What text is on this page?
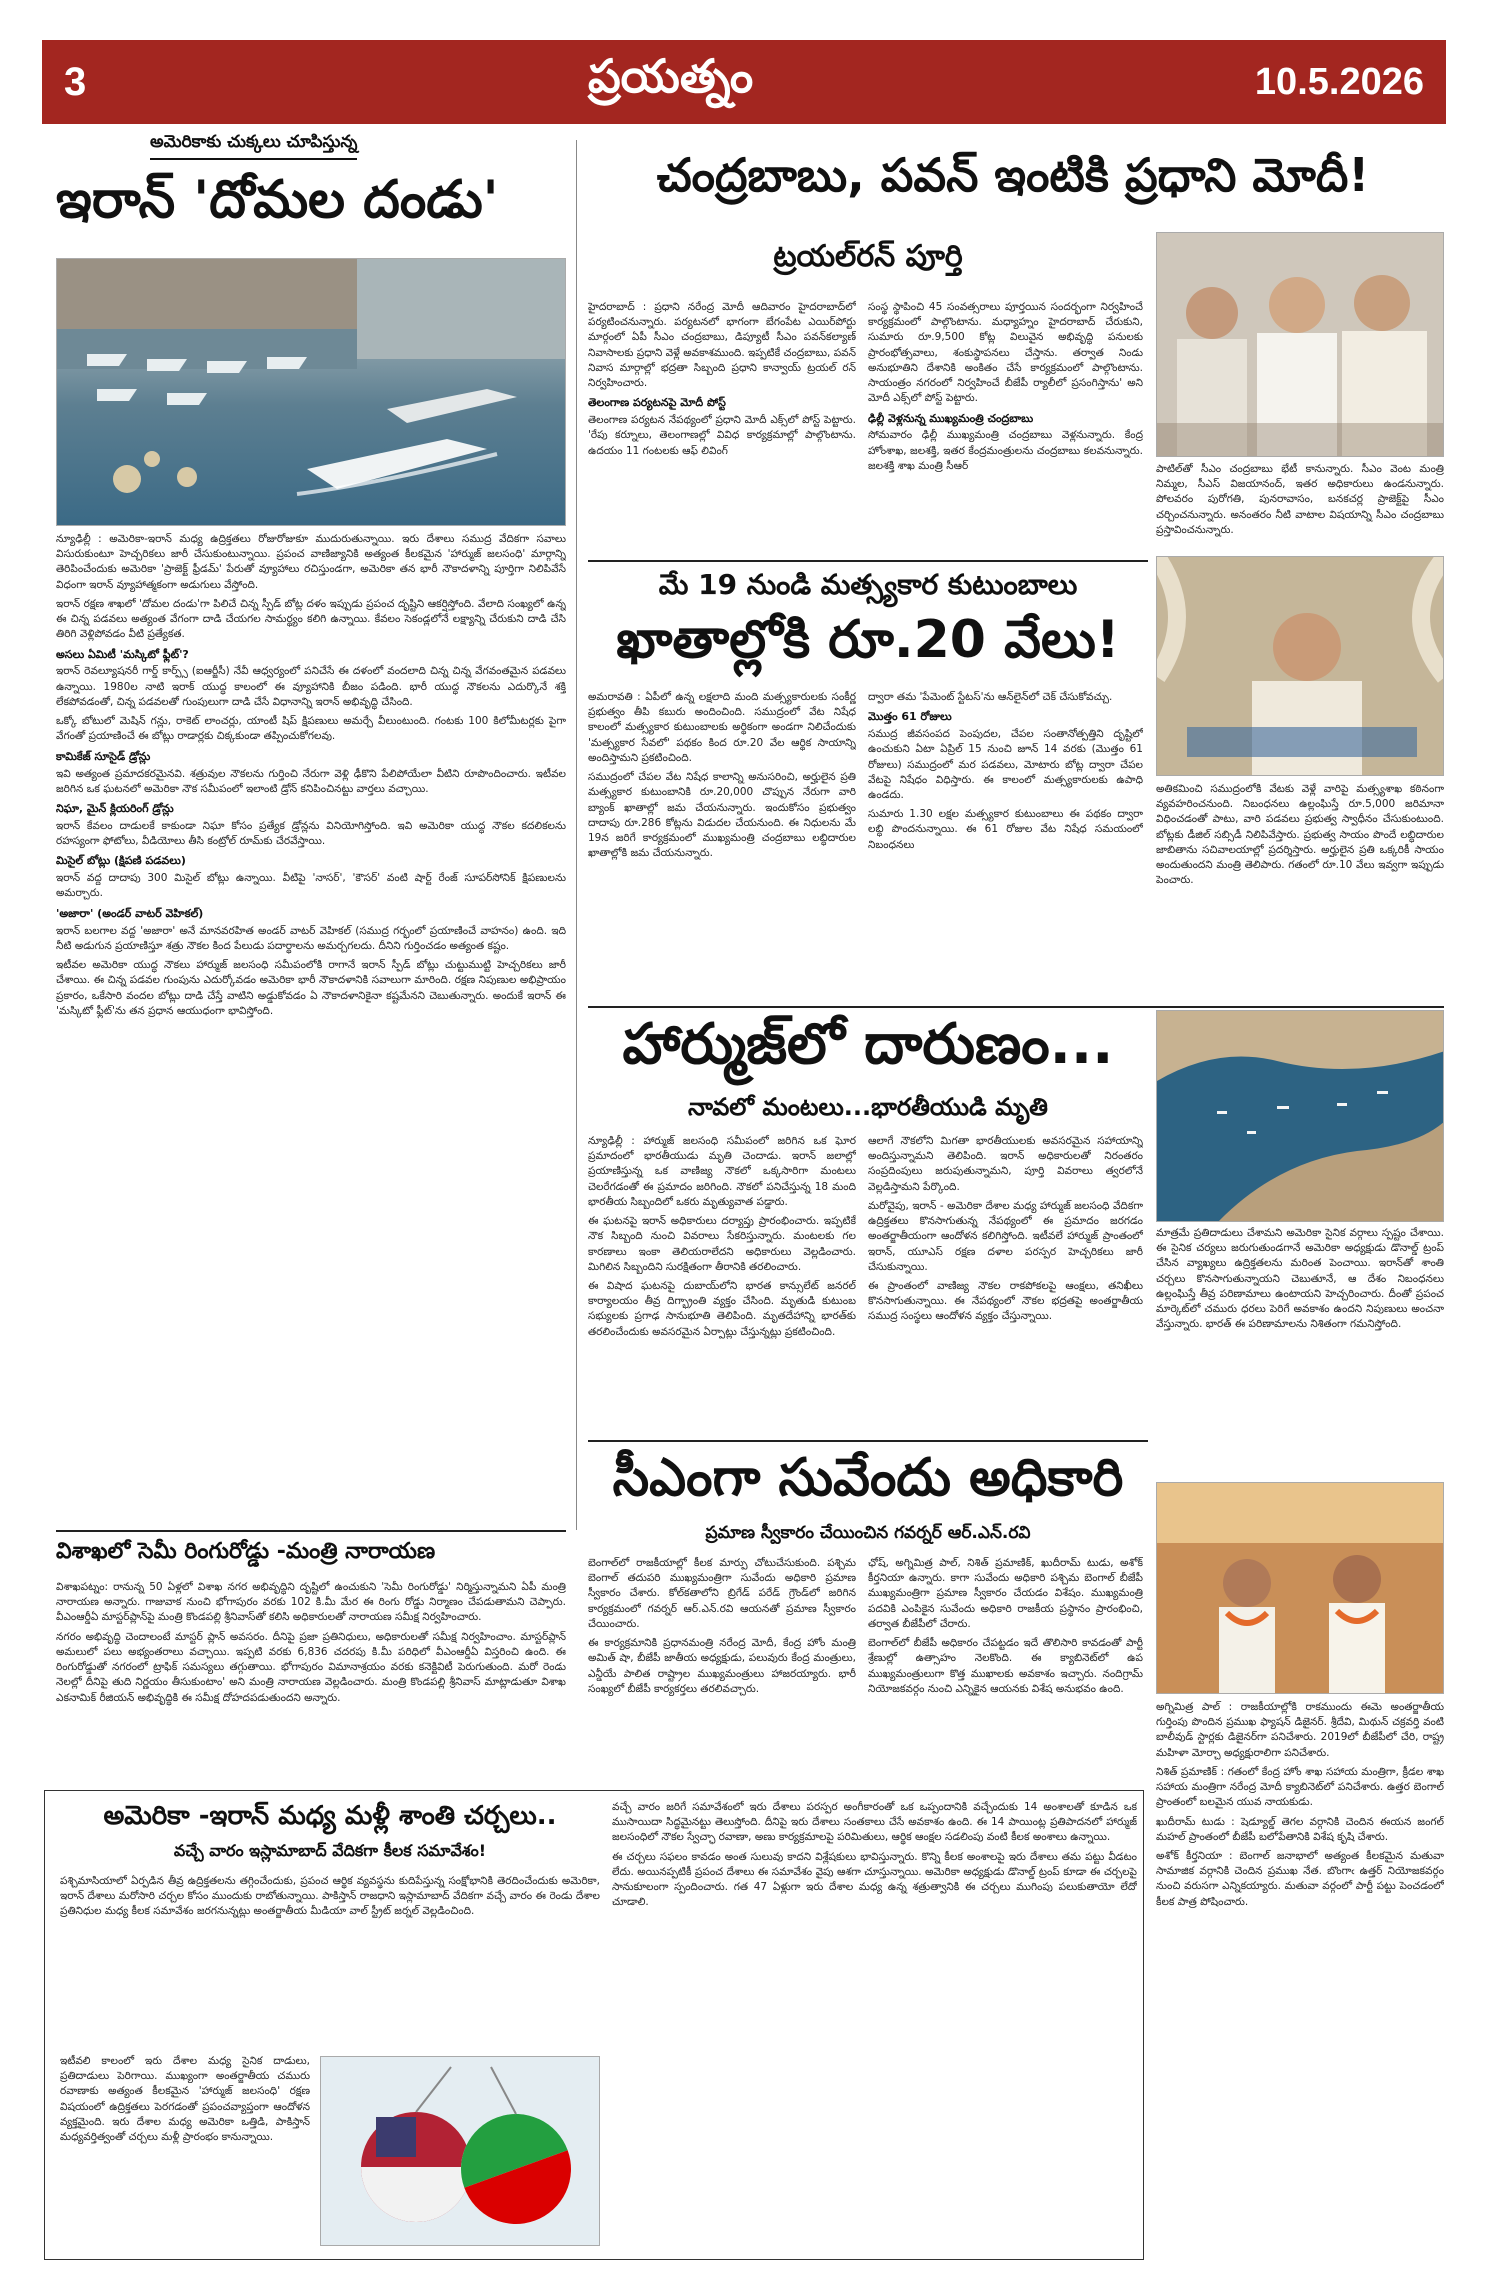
3	ప్రయత్నం	10.5.2026
అమెరికాకు చుక్కలు చూపిస్తున్న
ఇరాన్ 'దోమల దండు'

న్యూఢిల్లీ : అమెరికా-ఇరాన్ మధ్య ఉద్రిక్తతలు రోజురోజుకూ ముదురుతున్నాయి. ఇరు దేశాలు సముద్ర వేదికగా సవాలు విసురుకుంటూ హెచ్చరికలు జారీ చేసుకుంటున్నాయి. ప్రపంచ వాణిజ్యానికి అత్యంత కీలకమైన 'హార్ముజ్ జలసంధి' మార్గాన్ని తెరిపించేందుకు అమెరికా 'ప్రాజెక్ట్ ఫ్రీడమ్' పేరుతో వ్యూహాలు రచిస్తుండగా, అమెరికా తన భారీ నౌకాదళాన్ని పూర్తిగా నిలిపివేసే విధంగా ఇరాన్ వ్యూహాత్మకంగా అడుగులు వేస్తోంది.

ఇరాన్ రక్షణ శాఖలో 'దోమల దండు'గా పిలిచే చిన్న స్పీడ్ బోట్ల దళం ఇప్పుడు ప్రపంచ దృష్టిని ఆకర్షిస్తోంది. వేలాది సంఖ్యలో ఉన్న ఈ చిన్న పడవలు అత్యంత వేగంగా దాడి చేయగల సామర్థ్యం కలిగి ఉన్నాయి. కేవలం సెకండ్లలోనే లక్ష్యాన్ని చేరుకుని దాడి చేసి తిరిగి వెళ్లిపోవడం వీటి ప్రత్యేకత.

అసలు ఏమిటీ 'మస్కిటో ఫ్లీట్'?

ఇరాన్ రెవల్యూషనరీ గార్డ్ కార్ప్స్ (ఐఆర్జీసీ) నేవీ ఆధ్వర్యంలో పనిచేసే ఈ దళంలో వందలాది చిన్న చిన్న వేగవంతమైన పడవలు ఉన్నాయి. 1980ల నాటి ఇరాక్ యుద్ధ కాలంలో ఈ వ్యూహానికి బీజం పడింది. భారీ యుద్ధ నౌకలను ఎదుర్కొనే శక్తి లేకపోవడంతో, చిన్న పడవలతో గుంపులుగా దాడి చేసే విధానాన్ని ఇరాన్ అభివృద్ధి చేసింది.

ఒక్కో బోటులో మెషిన్ గన్లు, రాకెట్ లాంచర్లు, యాంటీ షిప్ క్షిపణులు అమర్చే వీలుంటుంది. గంటకు 100 కిలోమీటర్లకు పైగా వేగంతో ప్రయాణించే ఈ బోట్లు రాడార్లకు చిక్కకుండా తప్పించుకోగలవు.

కామికేజ్ సూసైడ్ డ్రోన్లు

ఇవి అత్యంత ప్రమాదకరమైనవి. శత్రువుల నౌకలను గుర్తించి నేరుగా వెళ్లి ఢీకొని పేలిపోయేలా వీటిని రూపొందించారు. ఇటీవల జరిగిన ఒక ఘటనలో అమెరికా నౌక సమీపంలో ఇలాంటి డ్రోన్ కనిపించినట్టు వార్తలు వచ్చాయి.

నిఘా, మైన్ క్లియరింగ్ డ్రోన్లు

ఇరాన్ కేవలం దాడులకే కాకుండా నిఘా కోసం ప్రత్యేక డ్రోన్లను వినియోగిస్తోంది. ఇవి అమెరికా యుద్ధ నౌకల కదలికలను రహస్యంగా ఫోటోలు, వీడియోలు తీసి కంట్రోల్ రూమ్‌కు చేరవేస్తాయి.

మిసైల్ బోట్లు (క్షిపణి పడవలు)

ఇరాన్ వద్ద దాదాపు 300 మిసైల్ బోట్లు ఉన్నాయి. వీటిపై 'నాసర్', 'కౌసర్' వంటి షార్ట్ రేంజ్ సూపర్‌సోనిక్ క్షిపణులను అమర్చారు.

'అజారా' (అండర్ వాటర్ వెహికల్)

ఇరాన్ బలగాల వద్ద 'అజారా' అనే మానవరహిత అండర్ వాటర్ వెహికల్ (సముద్ర గర్భంలో ప్రయాణించే వాహనం) ఉంది. ఇది నీటి అడుగున ప్రయాణిస్తూ శత్రు నౌకల కింద పేలుడు పదార్థాలను అమర్చగలదు. దీనిని గుర్తించడం అత్యంత కష్టం.

ఇటీవల అమెరికా యుద్ధ నౌకలు హార్ముజ్ జలసంధి సమీపంలోకి రాగానే ఇరాన్ స్పీడ్ బోట్లు చుట్టుముట్టి హెచ్చరికలు జారీ చేశాయి. ఈ చిన్న పడవల గుంపును ఎదుర్కోవడం అమెరికా భారీ నౌకాదళానికి సవాలుగా మారింది. రక్షణ నిపుణుల అభిప్రాయం ప్రకారం, ఒకేసారి వందల బోట్లు దాడి చేస్తే వాటిని అడ్డుకోవడం ఏ నౌకాదళానికైనా కష్టమేనని చెబుతున్నారు. అందుకే ఇరాన్ ఈ 'మస్కిటో ఫ్లీట్'ను తన ప్రధాన ఆయుధంగా భావిస్తోంది.

చంద్రబాబు, పవన్ ఇంటికి ప్రధాని మోదీ!
ట్రయల్‌రన్ పూర్తి

హైదరాబాద్ : ప్రధాని నరేంద్ర మోదీ ఆదివారం హైదరాబాద్‌లో పర్యటించనున్నారు. పర్యటనలో భాగంగా బేగంపేట ఎయిర్‌పోర్టు మార్గంలో ఏపీ సీఎం చంద్రబాబు, డిప్యూటీ సీఎం పవన్‌కల్యాణ్ నివాసాలకు ప్రధాని వెళ్లే అవకాశముంది. ఇప్పటికే చంద్రబాబు, పవన్ నివాస మార్గాల్లో భద్రతా సిబ్బంది ప్రధాని కాన్వాయ్ ట్రయల్ రన్ నిర్వహించారు.

తెలంగాణ పర్యటనపై మోదీ పోస్ట్

తెలంగాణ పర్యటన నేపథ్యంలో ప్రధాని మోదీ ఎక్స్‌లో పోస్ట్ పెట్టారు. 'రేపు కర్నూలు, తెలంగాణల్లో వివిధ కార్యక్రమాల్లో పాల్గొంటాను. ఉదయం 11 గంటలకు ఆఫ్ లివింగ్

సంస్థ స్థాపించి 45 సంవత్సరాలు పూర్తయిన సందర్భంగా నిర్వహించే కార్యక్రమంలో పాల్గొంటాను. మధ్యాహ్నం హైదరాబాద్ చేరుకుని, సుమారు రూ.9,500 కోట్ల విలువైన అభివృద్ధి పనులకు ప్రారంభోత్సవాలు, శంకుస్థాపనలు చేస్తాను. తర్వాత నిండు అనుభూతిని దేశానికి అంకితం చేసే కార్యక్రమంలో పాల్గొంటాను. సాయంత్రం నగరంలో నిర్వహించే బీజేపీ ర్యాలీలో ప్రసంగిస్తాను' అని మోదీ ఎక్స్‌లో పోస్ట్ పెట్టారు.

ఢిల్లీ వెళ్లనున్న ముఖ్యమంత్రి చంద్రబాబు

సోమవారం ఢిల్లీ ముఖ్యమంత్రి చంద్రబాబు వెళ్లనున్నారు. కేంద్ర హోంశాఖ, జలశక్తి, ఇతర కేంద్రమంత్రులను చంద్రబాబు కలవనున్నారు. జలశక్తి శాఖ మంత్రి సీఆర్	పాటిల్‌తో సీఎం చంద్రబాబు భేటీ కానున్నారు. సీఎం వెంట మంత్రి నిమ్మల, సీఎస్ విజయానంద్, ఇతర అధికారులు ఉండనున్నారు. పోలవరం పురోగతి, పునరావాసం, బనకచర్ల ప్రాజెక్ట్‌పై సీఎం చర్చించనున్నారు. అనంతరం నీటి వాటాల విషయాన్ని సీఎం చంద్రబాబు ప్రస్తావించనున్నారు.
మే 19 నుండి మత్స్యకార కుటుంబాలు
ఖాతాల్లోకి రూ.20 వేలు!

అమరావతి : ఏపీలో ఉన్న లక్షలాది మంది మత్స్యకారులకు సంకీర్ణ ప్రభుత్వం తీపి కబురు అందించింది. సముద్రంలో వేట నిషేధ కాలంలో మత్స్యకార కుటుంబాలకు అర్థికంగా అండగా నిలిచేందుకు 'మత్స్యకార సేవలో' పథకం కింద రూ.20 వేల ఆర్థిక సాయాన్ని అందిస్తామని ప్రకటించింది.

సముద్రంలో చేపల వేట నిషేధ కాలాన్ని అనుసరించి, అర్హులైన ప్రతి మత్స్యకార కుటుంబానికి రూ.20,000 చొప్పున నేరుగా వారి బ్యాంక్ ఖాతాల్లో జమ చేయనున్నారు. ఇందుకోసం ప్రభుత్వం దాదాపు రూ.286 కోట్లను విడుదల చేయనుంది. ఈ నిధులను మే 19న జరిగే కార్యక్రమంలో ముఖ్యమంత్రి చంద్రబాబు లబ్ధిదారుల ఖాతాల్లోకి జమ చేయనున్నారు.

ద్వారా తమ 'పేమెంట్ స్టేటస్'ను ఆన్‌లైన్‌లో చెక్ చేసుకోవచ్చు.

మొత్తం 61 రోజులు

సముద్ర జీవసంపద పెంపుదల, చేపల సంతానోత్పత్తిని దృష్టిలో ఉంచుకుని ఏటా ఏప్రిల్ 15 నుంచి జూన్ 14 వరకు (మొత్తం 61 రోజులు) సముద్రంలో మర పడవలు, మోటారు బోట్ల ద్వారా చేపల వేటపై నిషేధం విధిస్తారు. ఈ కాలంలో మత్స్యకారులకు ఉపాధి ఉండదు.

సుమారు 1.30 లక్షల మత్స్యకార కుటుంబాలు ఈ పథకం ద్వారా లబ్ధి పొందనున్నాయి. ఈ 61 రోజుల వేట నిషేధ సమయంలో నిబంధనలు

అతికమించి సముద్రంలోకి వేటకు వెళ్లే వారిపై మత్స్యశాఖ కఠినంగా వ్యవహరించనుంది. నిబంధనలు ఉల్లంఘిస్తే రూ.5,000 జరిమానా విధించడంతో పాటు, వారి పడవలు ప్రభుత్వ స్వాధీనం చేసుకుంటుంది. బోట్లకు డీజిల్ సబ్సిడీ నిలిపివేస్తారు. ప్రభుత్వ సాయం పొందే లబ్ధిదారుల జాబితాను సచివాలయాల్లో ప్రదర్శిస్తారు. అర్హులైన ప్రతి ఒక్కరికీ సాయం అందుతుందని మంత్రి తెలిపారు. గతంలో రూ.10 వేలు ఇవ్వగా ఇప్పుడు పెంచారు.
హార్ముజ్‌లో దారుణం...
నావలో మంటలు...భారతీయుడి మృతి

న్యూఢిల్లీ : హార్ముజ్ జలసంధి సమీపంలో జరిగిన ఒక ఘోర ప్రమాదంలో భారతీయుడు మృతి చెందాడు. ఇరాన్ జలాల్లో ప్రయాణిస్తున్న ఒక వాణిజ్య నౌకలో ఒక్కసారిగా మంటలు చెలరేగడంతో ఈ ప్రమాదం జరిగింది. నౌకలో పనిచేస్తున్న 18 మంది భారతీయ సిబ్బందిలో ఒకరు మృత్యువాత పడ్డారు.

ఈ ఘటనపై ఇరాన్ అధికారులు దర్యాప్తు ప్రారంభించారు. ఇప్పటికే నౌక సిబ్బంది నుంచి వివరాలు సేకరిస్తున్నారు. మంటలకు గల కారణాలు ఇంకా తెలియరాలేదని అధికారులు వెల్లడించారు. మిగిలిన సిబ్బందిని సురక్షితంగా తీరానికి తరలించారు.

ఈ విషాద ఘటనపై దుబాయ్‌లోని భారత కాన్సులేట్ జనరల్ కార్యాలయం తీవ్ర దిగ్భ్రాంతి వ్యక్తం చేసింది. మృతుడి కుటుంబ సభ్యులకు ప్రగాఢ సానుభూతి తెలిపింది. మృతదేహాన్ని భారత్‌కు తరలించేందుకు అవసరమైన ఏర్పాట్లు చేస్తున్నట్లు ప్రకటించింది.

ఆలాగే నౌకలోని మిగతా భారతీయులకు అవసరమైన సహాయాన్ని అందిస్తున్నామని తెలిపింది. ఇరాన్ అధికారులతో నిరంతరం సంప్రదింపులు జరుపుతున్నామని, పూర్తి వివరాలు త్వరలోనే వెల్లడిస్తామని పేర్కొంది.

మరోవైపు, ఇరాన్ - అమెరికా దేశాల మధ్య హార్ముజ్ జలసంధి వేదికగా ఉద్రిక్తతలు కొనసాగుతున్న నేపథ్యంలో ఈ ప్రమాదం జరగడం అంతర్జాతీయంగా ఆందోళన కలిగిస్తోంది. ఇటీవలే హార్ముజ్ ప్రాంతంలో ఇరాన్, యూఎస్ రక్షణ దళాల పరస్పర హెచ్చరికలు జారీ చేసుకున్నాయి.

ఈ ప్రాంతంలో వాణిజ్య నౌకల రాకపోకలపై ఆంక్షలు, తనిఖీలు కొనసాగుతున్నాయి. ఈ నేపథ్యంలో నౌకల భద్రతపై అంతర్జాతీయ సముద్ర సంస్థలు ఆందోళన వ్యక్తం చేస్తున్నాయి.

మాత్రమే ప్రతిదాడులు చేశామని అమెరికా సైనిక వర్గాలు స్పష్టం చేశాయి. ఈ సైనిక చర్యలు జరుగుతుండగానే అమెరికా అధ్యక్షుడు డొనాల్డ్ ట్రంప్ చేసిన వ్యాఖ్యలు ఉద్రిక్తతలను మరింత పెంచాయి. ఇరాన్‌తో శాంతి చర్చలు కొనసాగుతున్నాయని చెబుతూనే, ఆ దేశం నిబంధనలు ఉల్లంఘిస్తే తీవ్ర పరిణామాలు ఉంటాయని హెచ్చరించారు. దీంతో ప్రపంచ మార్కెట్‌లో చమురు ధరలు పెరిగే అవకాశం ఉందని నిపుణులు అంచనా వేస్తున్నారు. భారత్ ఈ పరిణామాలను నిశితంగా గమనిస్తోంది.
సీఎంగా సువేందు అధికారి
ప్రమాణ స్వీకారం చేయించిన గవర్నర్ ఆర్.ఎన్.రవి

బెంగాల్‌లో రాజకీయాల్లో కీలక మార్పు చోటుచేసుకుంది. పశ్చిమ బెంగాల్ తదుపరి ముఖ్యమంత్రిగా సువేందు అధికారి ప్రమాణ స్వీకారం చేశారు. కోల్‌కతాలోని బ్రిగేడ్ పరేడ్ గ్రౌండ్‌లో జరిగిన కార్యక్రమంలో గవర్నర్ ఆర్.ఎన్.రవి ఆయనతో ప్రమాణ స్వీకారం చేయించారు.

ఈ కార్యక్రమానికి ప్రధానమంత్రి నరేంద్ర మోదీ, కేంద్ర హోం మంత్రి అమిత్ షా, బీజేపీ జాతీయ అధ్యక్షుడు, పలువురు కేంద్ర మంత్రులు, ఎన్డీయే పాలిత రాష్ట్రాల ముఖ్యమంత్రులు హాజరయ్యారు. భారీ సంఖ్యలో బీజేపీ కార్యకర్తలు తరలివచ్చారు.

ఛోష్, అగ్నిమిత్ర పాల్, నిశిత్ ప్రమాణిక్, ఖుదీరామ్ టుడు, అశోక్ కీర్తనియా ఉన్నారు. కాగా సువేందు అధికారి పశ్చిమ బెంగాల్ బీజేపీ ముఖ్యమంత్రిగా ప్రమాణ స్వీకారం చేయడం విశేషం. ముఖ్యమంత్రి పదవికి ఎంపికైన సువేందు అధికారి రాజకీయ ప్రస్థానం ప్రారంభించి, తర్వాత బీజేపీలో చేరారు.

బెంగాల్‌లో బీజేపీ అధికారం చేపట్టడం ఇదే తొలిసారి కావడంతో పార్టీ శ్రేణుల్లో ఉత్సాహం నెలకొంది. ఈ క్యాబినెట్‌లో ఉప ముఖ్యమంత్రులుగా కొత్త ముఖాలకు అవకాశం ఇచ్చారు. నందిగ్రామ్ నియోజకవర్గం నుంచి ఎన్నికైన ఆయనకు విశేష అనుభవం ఉంది.

అగ్నిమిత్ర పాల్ : రాజకీయాల్లోకి రాకముందు ఈమె అంతర్జాతీయ గుర్తింపు పొందిన ప్రముఖ ఫ్యాషన్ డిజైనర్. శ్రీదేవి, మిథున్ చక్రవర్తి వంటి బాలీవుడ్ స్టార్లకు డిజైనర్‌గా పనిచేశారు. 2019లో బీజేపీలో చేరి, రాష్ట్ర మహిళా మోర్చా అధ్యక్షురాలిగా పనిచేశారు.

నిశిత్ ప్రమాణిక్ : గతంలో కేంద్ర హోం శాఖ సహాయ మంత్రిగా, క్రీడల శాఖ సహాయ మంత్రిగా నరేంద్ర మోదీ క్యాబినెట్‌లో పనిచేశారు. ఉత్తర బెంగాల్ ప్రాంతంలో బలమైన యువ నాయకుడు.

ఖుదీరామ్ టుడు : షెడ్యూల్డ్ తెగల వర్గానికి చెందిన ఈయన జంగల్ మహల్ ప్రాంతంలో బీజేపీ బలోపేతానికి విశేష కృషి చేశారు.

అశోక్ కీర్తనియా : బెంగాల్ జనాభాలో అత్యంత కీలకమైన మతువా సామాజిక వర్గానికి చెందిన ప్రముఖ నేత. బొంగాఁ ఉత్తర్ నియోజకవర్గం నుంచి వరుసగా ఎన్నికయ్యారు. మతువా వర్గంలో పార్టీ పట్టు పెంచడంలో కీలక పాత్ర పోషించారు.

విశాఖలో సెమీ రింగురోడ్డు -మంత్రి నారాయణ

విశాఖపట్నం: రానున్న 50 ఏళ్లలో విశాఖ నగర అభివృద్ధిని దృష్టిలో ఉంచుకుని 'సెమీ రింగురోడ్డు' నిర్మిస్తున్నామని ఏపీ మంత్రి నారాయణ అన్నారు. గాజువాక నుంచి భోగాపురం వరకు 102 కి.మీ మేర ఈ రింగు రోడ్డు నిర్మాణం చేపడుతామని చెప్పారు. వీఎంఆర్డీఏ మాస్టర్‌ప్లాన్‌పై మంత్రి కొండపల్లి శ్రీనివాస్‌తో కలిసి అధికారులతో నారాయణ సమీక్ష నిర్వహించారు.

నగరం అభివృద్ధి చెందాలంటే మాస్టర్ ప్లాన్ అవసరం. దీనిపై ప్రజా ప్రతినిధులు, అధికారులతో సమీక్ష నిర్వహించాం. మాస్టర్‌ప్లాన్ అమలులో పలు అభ్యంతరాలు వచ్చాయి. ఇప్పటి వరకు 6,836 చదరపు కి.మీ పరిధిలో వీఎంఆర్డీఏ విస్తరించి ఉంది. ఈ రింగురోడ్డుతో నగరంలో ట్రాఫిక్ సమస్యలు తగ్గుతాయి. భోగాపురం విమానాశ్రయం వరకు కనెక్టివిటీ పెరుగుతుంది. మరో రెండు నెలల్లో దీనిపై తుది నిర్ణయం తీసుకుంటాం' అని మంత్రి నారాయణ వెల్లడించారు. మంత్రి కొండపల్లి శ్రీనివాస్ మాట్లాడుతూ విశాఖ ఎకనామిక్ రీజియన్ అభివృద్ధికి ఈ సమీక్ష దోహదపడుతుందని అన్నారు.

అమెరికా -ఇరాన్ మధ్య మళ్లీ శాంతి చర్చలు..
వచ్చే వారం ఇస్లామాబాద్ వేదికగా కీలక సమావేశం!

పశ్చిమాసియాలో ఏర్పడిన తీవ్ర ఉద్రిక్తతలను తగ్గించేందుకు, ప్రపంచ ఆర్థిక వ్యవస్థను కుదిపేస్తున్న సంక్షోభానికి తెరదించేందుకు అమెరికా, ఇరాన్ దేశాలు మరోసారి చర్చల కోసం ముందుకు రాబోతున్నాయి. పాకిస్తాన్ రాజధాని ఇస్లామాబాద్ వేదికగా వచ్చే వారం ఈ రెండు దేశాల ప్రతినిధుల మధ్య కీలక సమావేశం జరగనున్నట్లు అంతర్జాతీయ మీడియా వాల్ స్ట్రీట్ జర్నల్ వెల్లడించింది.

ఇటీవలి కాలంలో ఇరు దేశాల మధ్య సైనిక దాడులు, ప్రతిదాడులు పెరిగాయి. ముఖ్యంగా అంతర్జాతీయ చమురు రవాణాకు అత్యంత కీలకమైన 'హార్ముజ్ జలసంధి' రక్షణ విషయంలో ఉద్రిక్తతలు పెరగడంతో ప్రపంచవ్యాప్తంగా ఆందోళన వ్యక్తమైంది. ఇరు దేశాల మధ్య అమెరికా ఒత్తిడి, పాకిస్తాన్ మధ్యవర్తిత్వంతో చర్చలు మళ్లీ ప్రారంభం కానున్నాయి.

వచ్చే వారం జరిగే సమావేశంలో ఇరు దేశాలు పరస్పర అంగీకారంతో ఒక ఒప్పందానికి వచ్చేందుకు 14 అంశాలతో కూడిన ఒక ముసాయిదా సిద్ధమైనట్టు తెలుస్తోంది. దీనిపై ఇరు దేశాలు సంతకాలు చేసే అవకాశం ఉంది. ఈ 14 పాయింట్ల ప్రతిపాదనలో హార్ముజ్ జలసంధిలో నౌకల స్వేచ్ఛా రవాణా, అణు కార్యక్రమాలపై పరిమితులు, ఆర్థిక ఆంక్షల సడలింపు వంటి కీలక అంశాలు ఉన్నాయి.

ఈ చర్చలు సఫలం కావడం అంత సులువు కాదని విశ్లేషకులు భావిస్తున్నారు. కొన్ని కీలక అంశాలపై ఇరు దేశాలు తమ పట్టు వీడటం లేదు. అయినప్పటికీ ప్రపంచ దేశాలు ఈ సమావేశం వైపు ఆశగా చూస్తున్నాయి. అమెరికా అధ్యక్షుడు డొనాల్డ్ ట్రంప్ కూడా ఈ చర్చలపై సానుకూలంగా స్పందించారు. గత 47 ఏళ్లుగా ఇరు దేశాల మధ్య ఉన్న శత్రుత్వానికి ఈ చర్చలు ముగింపు పలుకుతాయో లేదో చూడాలి.
